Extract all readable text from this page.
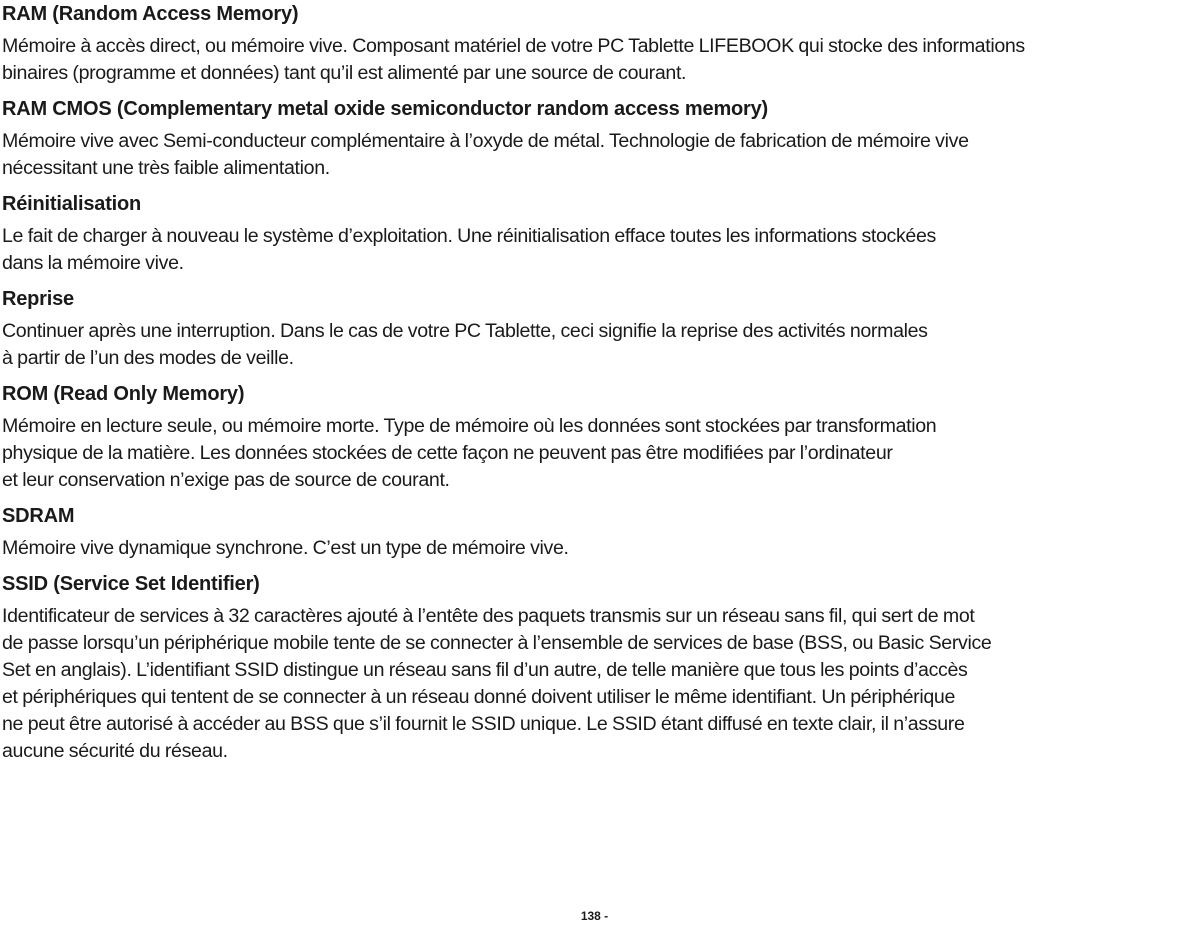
RAM (Random Access Memory)
Mémoire à accès direct, ou mémoire vive. Composant matériel de votre PC Tablette LIFEBOOK qui stocke des informations
binaires (programme et données) tant qu’il est alimenté par une source de courant.
RAM CMOS (Complementary metal oxide semiconductor random access memory)
Mémoire vive avec Semi-conducteur complémentaire à l’oxyde de métal. Technologie de fabrication de mémoire vive
nécessitant une très faible alimentation.
Réinitialisation
Le fait de charger à nouveau le système d’exploitation. Une réinitialisation efface toutes les informations stockées
dans la mémoire vive.
Reprise
Continuer après une interruption. Dans le cas de votre PC Tablette, ceci signifie la reprise des activités normales
à partir de l’un des modes de veille.
ROM (Read Only Memory)
Mémoire en lecture seule, ou mémoire morte. Type de mémoire où les données sont stockées par transformation
physique de la matière. Les données stockées de cette façon ne peuvent pas être modifiées par l’ordinateur
et leur conservation n’exige pas de source de courant.
SDRAM
Mémoire vive dynamique synchrone. C’est un type de mémoire vive.
SSID (Service Set Identifier)
Identificateur de services à 32 caractères ajouté à l’entête des paquets transmis sur un réseau sans fil, qui sert de mot
de passe lorsqu’un périphérique mobile tente de se connecter à l’ensemble de services de base (BSS, ou Basic Service
Set en anglais). L’identifiant SSID distingue un réseau sans fil d’un autre, de telle manière que tous les points d’accès
et périphériques qui tentent de se connecter à un réseau donné doivent utiliser le même identifiant. Un périphérique
ne peut être autorisé à accéder au BSS que s’il fournit le SSID unique. Le SSID étant diffusé en texte clair, il n’assure
aucune sécurité du réseau.
138 -
